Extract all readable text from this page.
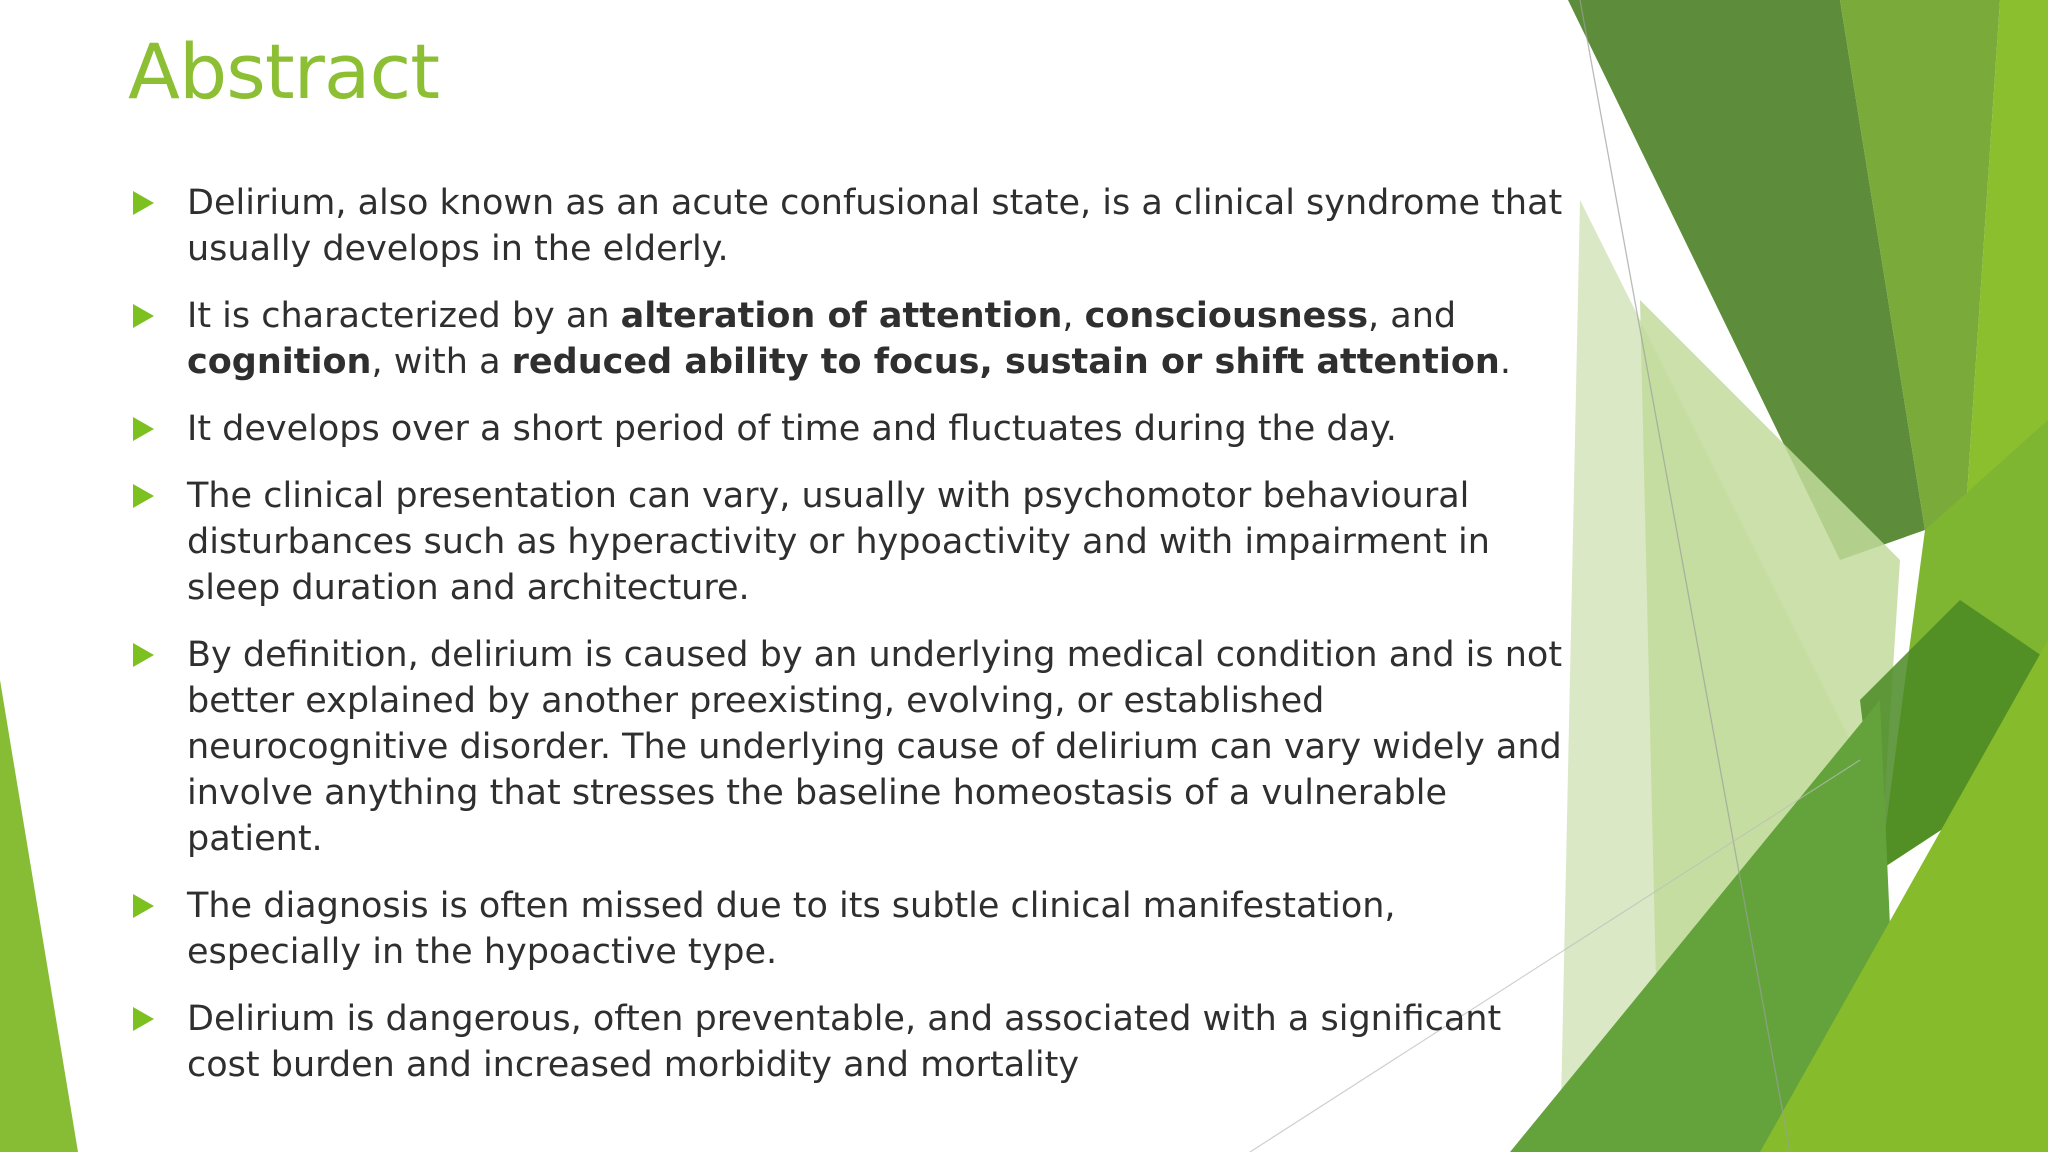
Abstract
Delirium, also known as an acute confusional state, is a clinical syndrome that usually develops in the elderly.
It is characterized by an alteration of attention, consciousness, and cognition, with a reduced ability to focus, sustain or shift attention.
It develops over a short period of time and fluctuates during the day.
The clinical presentation can vary, usually with psychomotor behavioural disturbances such as hyperactivity or hypoactivity and with impairment in sleep duration and architecture.
By definition, delirium is caused by an underlying medical condition and is not better explained by another preexisting, evolving, or established neurocognitive disorder. The underlying cause of delirium can vary widely and involve anything that stresses the baseline homeostasis of a vulnerable patient.
The diagnosis is often missed due to its subtle clinical manifestation, especially in the hypoactive type.
Delirium is dangerous, often preventable, and associated with a significant cost burden and increased morbidity and mortality
